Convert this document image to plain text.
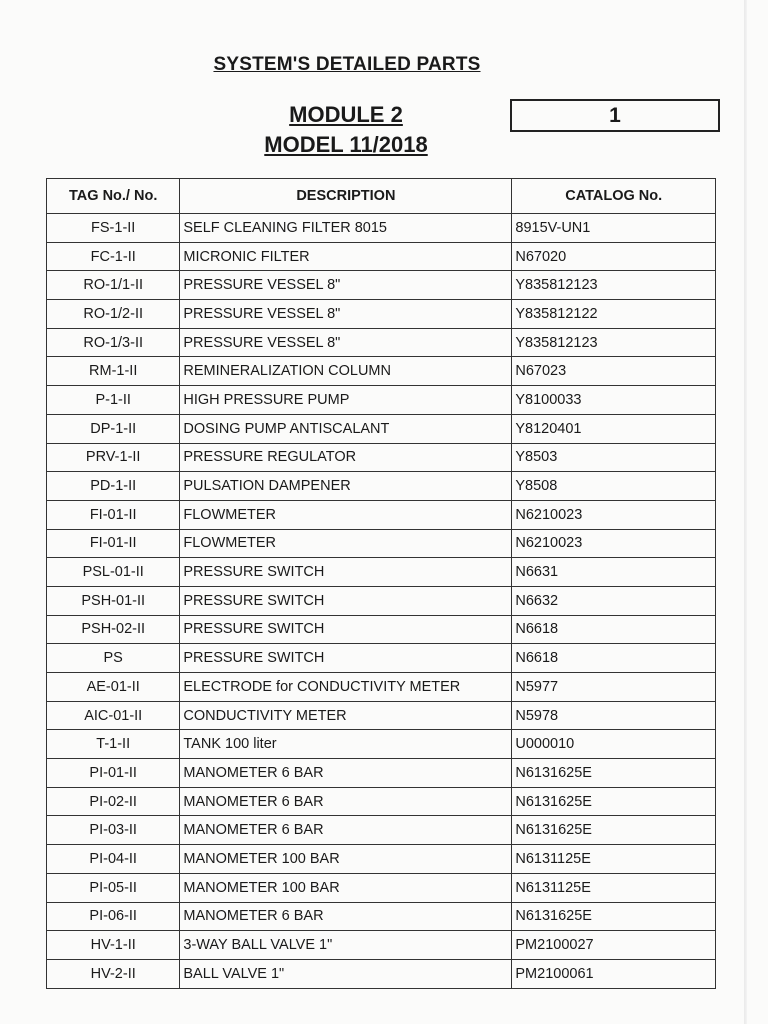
SYSTEM'S DETAILED PARTS
MODULE 2
MODEL 11/2018
1
TAG No./ No.	DESCRIPTION	CATALOG No.
FS-1-II	SELF CLEANING FILTER 8015	8915V-UN1
FC-1-II	MICRONIC FILTER	N67020
RO-1/1-II	PRESSURE VESSEL 8"	Y835812123
RO-1/2-II	PRESSURE VESSEL 8"	Y835812122
RO-1/3-II	PRESSURE VESSEL 8"	Y835812123
RM-1-II	REMINERALIZATION COLUMN	N67023
P-1-II	HIGH PRESSURE PUMP	Y8100033
DP-1-II	DOSING PUMP ANTISCALANT	Y8120401
PRV-1-II	PRESSURE REGULATOR	Y8503
PD-1-II	PULSATION DAMPENER	Y8508
FI-01-II	FLOWMETER	N6210023
FI-01-II	FLOWMETER	N6210023
PSL-01-II	PRESSURE SWITCH	N6631
PSH-01-II	PRESSURE SWITCH	N6632
PSH-02-II	PRESSURE SWITCH	N6618
PS	PRESSURE SWITCH	N6618
AE-01-II	ELECTRODE for CONDUCTIVITY METER	N5977
AIC-01-II	CONDUCTIVITY METER	N5978
T-1-II	TANK 100 liter	U000010
PI-01-II	MANOMETER 6 BAR	N6131625E
PI-02-II	MANOMETER 6 BAR	N6131625E
PI-03-II	MANOMETER 6 BAR	N6131625E
PI-04-II	MANOMETER 100 BAR	N6131125E
PI-05-II	MANOMETER 100 BAR	N6131125E
PI-06-II	MANOMETER 6 BAR	N6131625E
HV-1-II	3-WAY BALL VALVE 1"	PM2100027
HV-2-II	BALL VALVE 1"	PM2100061
